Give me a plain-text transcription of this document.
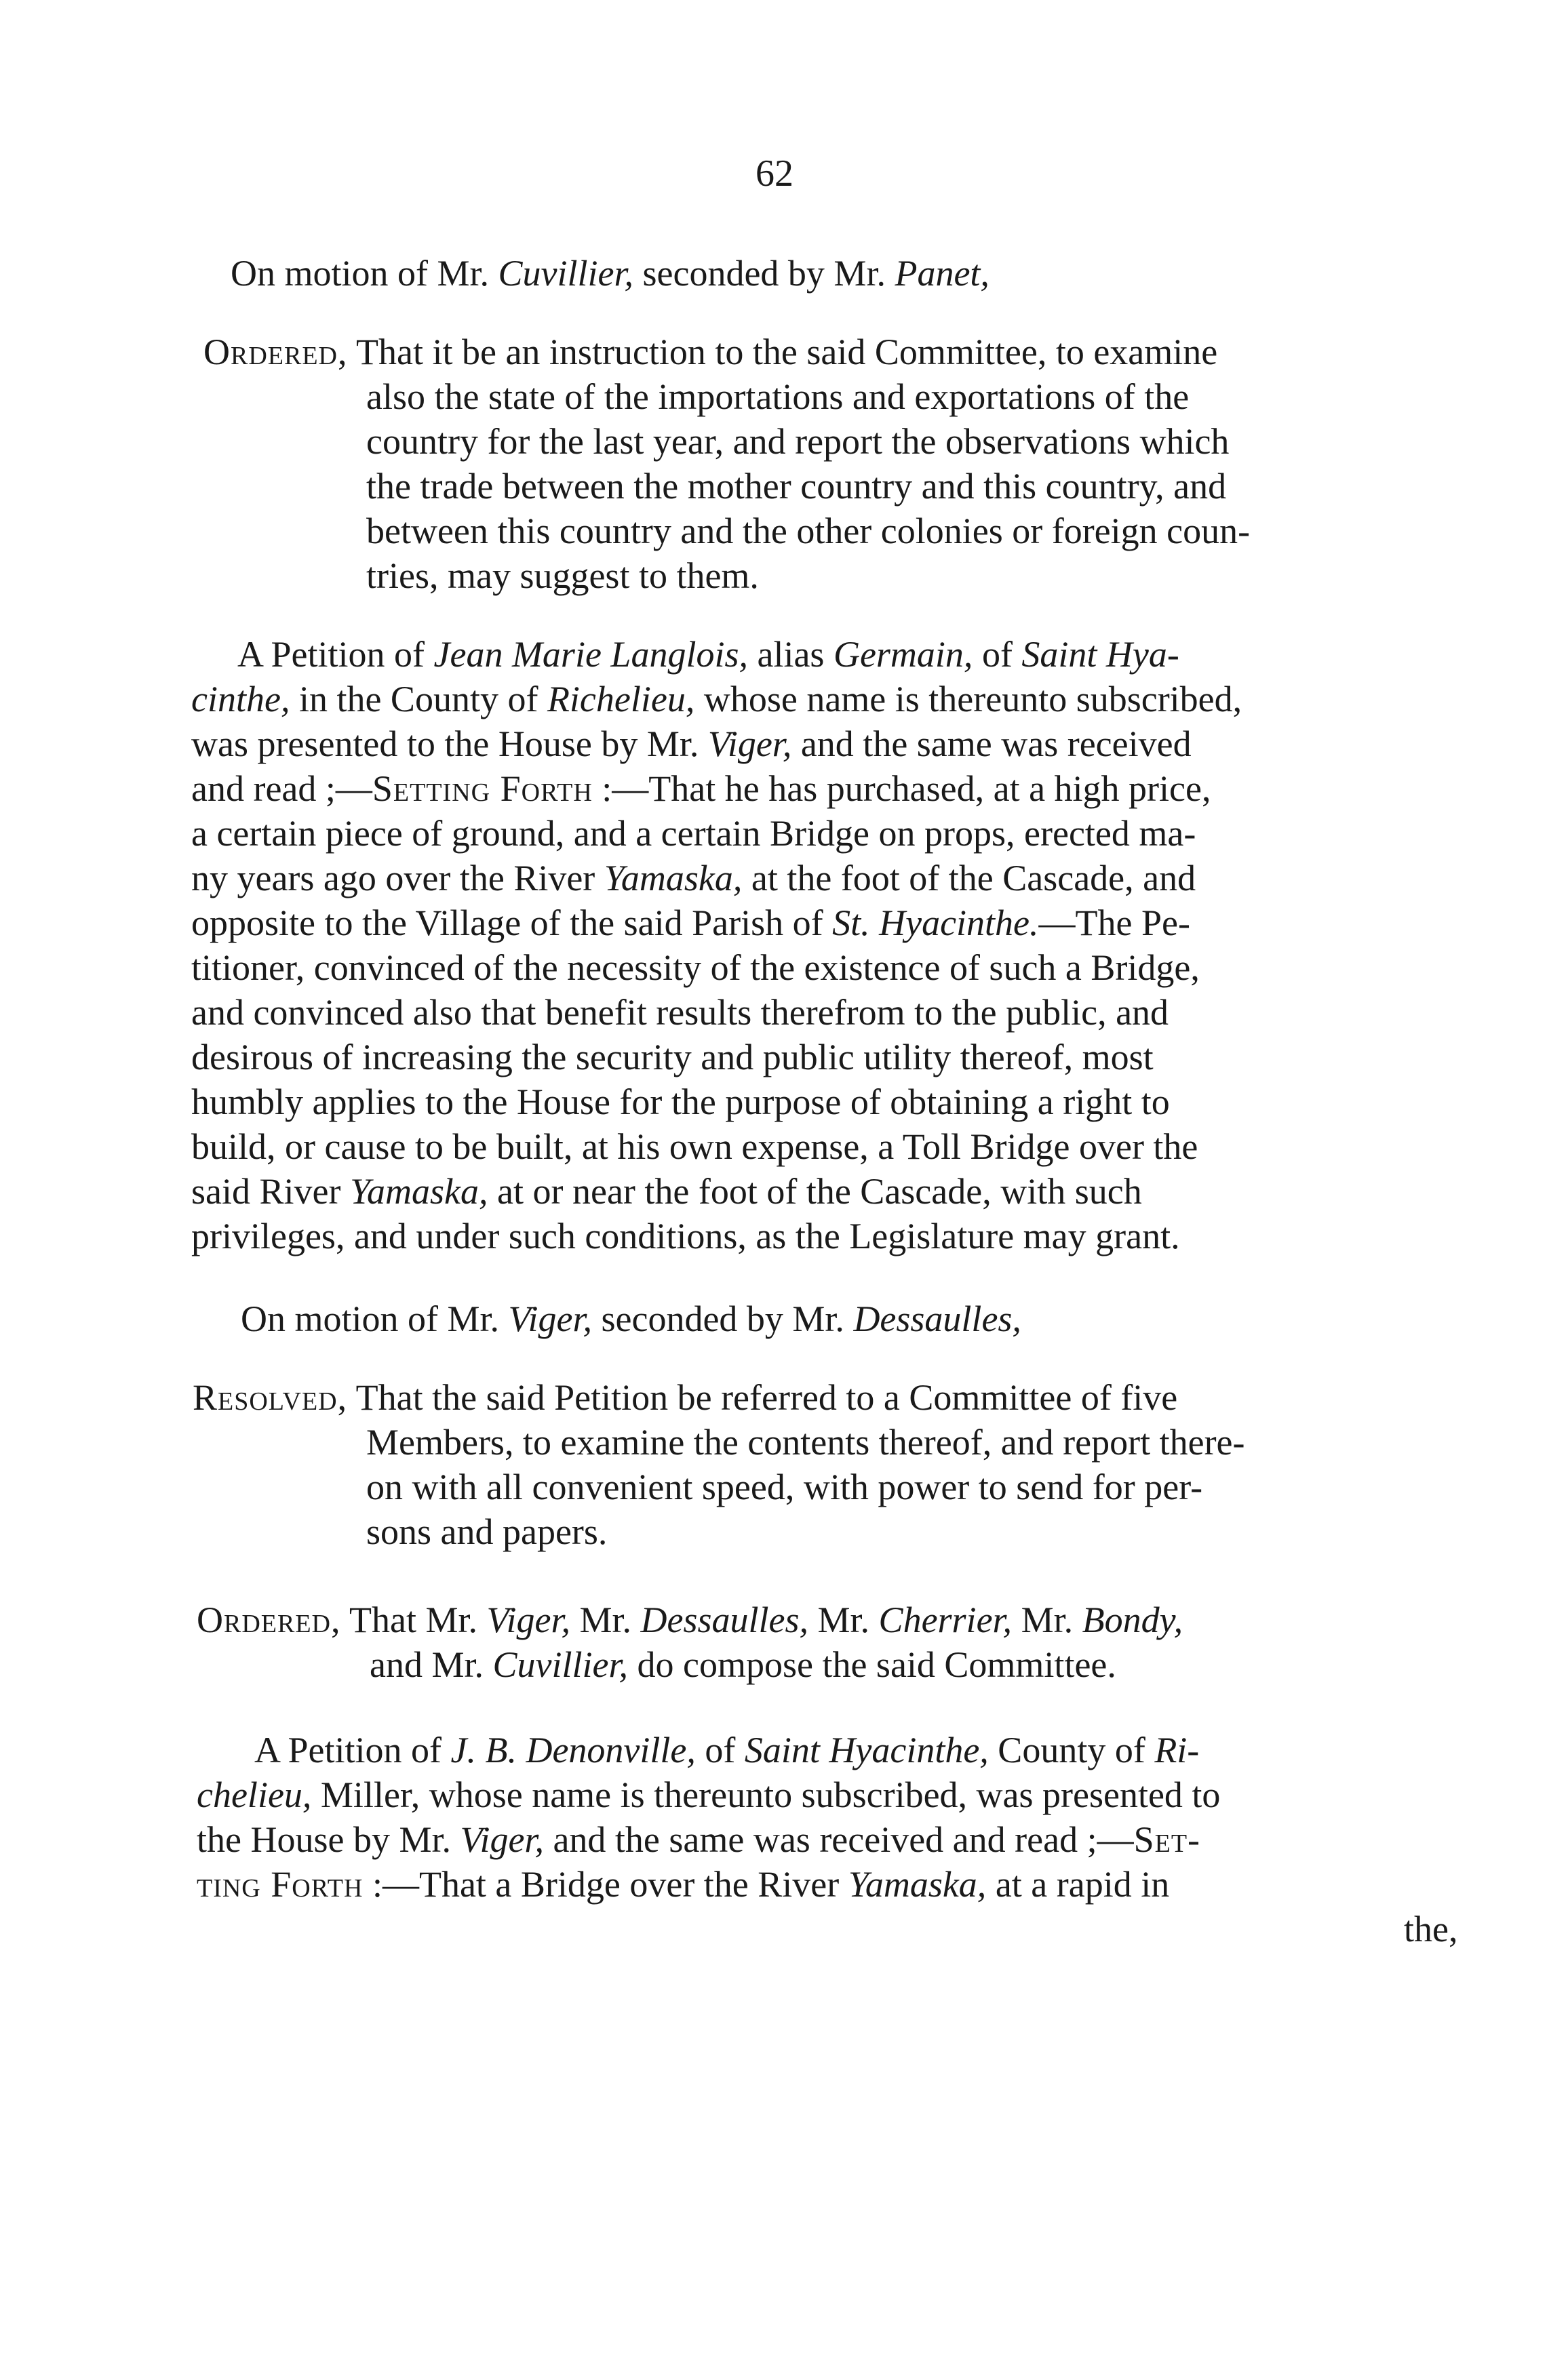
62
On motion of Mr. Cuvillier, seconded by Mr. Panet,
Ordered, That it be an instruction to the said Committee, to examine
also the state of the importations and exportations of the
country for the last year, and report the observations which
the trade between the mother country and this country, and
between this country and the other colonies or foreign coun-
tries, may suggest to them.
A Petition of Jean Marie Langlois, alias Germain, of Saint Hya-
cinthe, in the County of Richelieu, whose name is thereunto subscribed,
was presented to the House by Mr. Viger, and the same was received
and read ;—Setting Forth :—That he has purchased, at a high price,
a certain piece of ground, and a certain Bridge on props, erected ma-
ny years ago over the River Yamaska, at the foot of the Cascade, and
opposite to the Village of the said Parish of St. Hyacinthe.—The Pe-
titioner, convinced of the necessity of the existence of such a Bridge,
and convinced also that benefit results therefrom to the public, and
desirous of increasing the security and public utility thereof, most
humbly applies to the House for the purpose of obtaining a right to
build, or cause to be built, at his own expense, a Toll Bridge over the
said River Yamaska, at or near the foot of the Cascade, with such
privileges, and under such conditions, as the Legislature may grant.
On motion of Mr. Viger, seconded by Mr. Dessaulles,
Resolved, That the said Petition be referred to a Committee of five
Members, to examine the contents thereof, and report there-
on with all convenient speed, with power to send for per-
sons and papers.
Ordered, That Mr. Viger, Mr. Dessaulles, Mr. Cherrier, Mr. Bondy,
and Mr. Cuvillier, do compose the said Committee.
A Petition of J. B. Denonville, of Saint Hyacinthe, County of Ri-
chelieu, Miller, whose name is thereunto subscribed, was presented to
the House by Mr. Viger, and the same was received and read ;—Set-
ting Forth :—That a Bridge over the River Yamaska, at a rapid in
the,
